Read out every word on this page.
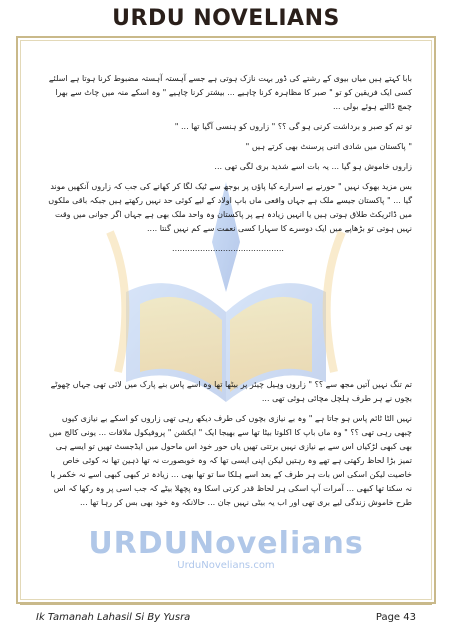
URDU NOVELIANS
URDUNovelians
UrduNovelians.com

بابا کہتے ہیں میاں بیوی کے رشتے کی ڈور بہت نازک ہوتی ہے جسے آہستہ آہستہ مضبوط کرنا ہوتا ہے اسلئے کسی ایک فریقین کو تو " صبر کا مظاہرہ کرنا چاہیے ... بیشتر کرنا چاہیے " وہ اسکے منہ میں چاٹ سے بھرا چمچ ڈالتے ہوئے بولی ...

تو تم کو صبر و برداشت کرنی ہو گی ؟؟ " زاروں کو ہنسی آگیا تھا ... "

" پاکستان میں شادی اتنی پرسنٹ بھی کرتے ہیں "

زاروں خاموش ہو گیا ... یہ بات اسے شدید بری لگی تھی ...

بس مزید بھوک نہیں " حورنے بے اسرارے کیا پاؤں پر بوجھ سے ٹیک لگا کر کھانے کی جب کہ زاروں آنکھیں موند گیا ... " پاکستان جیسے ملک ہے جہاں واقعی ماں باپ اولاد کے لیے کوئی حد نہیں رکھتے ہیں جبکہ باقی ملکوں میں ڈائریکٹ طلاق ہوتی ہیں یا انہیں زیادہ ہے پر پاکستان وہ واحد ملک بھی ہے جہاں اگر جوانی میں وقت نہیں ہوتی تو بڑھاپے میں ایک دوسرے کا سہارا کسی نعمت سے کم نہیں گنتا ....

............................................

تم تنگ نہیں آتیں مجھ سے ؟؟ " زاروں وہیل چیئر پر بیٹھا تھا وہ اسے پاس بنے پارک میں لائی تھی جہاں چھوٹے بچوں نے ہر طرف ہلچل مچائی ہوئی تھی ...

نہیں الٹا ٹائم پاس ہو جاتا ہے " وہ بے نیازی بچوں کی طرف دیکھ رہی تھی زاروں کو اسکے بے نیازی کیوں چبھی رہی تھی ؟؟ " وہ ماں باپ کا اکلوتا بیٹا تھا سے بھیجا ایک " ایکشن " پروفیکول ملاقات ... یونی کالج میں بھی کبھی لڑکیاں اس سے بے نیازی نہیں برتتی تھیں یاں حور خود اس ماحول میں ایڈجسٹ تھیں تو ایسے ہی تمیز بڑا لحاظ رکھتی ہے تھے وہ رہتیں لیکن اپنی ایسی تھا کہ وہ خوبصورت نہ تھا ذہین تھا نہ کوئی خاص خاصیت لیکن اسکی اس بات ہر طرف کے بعد اسے ہلکا سا تو تھا بھی ... زیادہ تر کبھی کبھی اسے نہ خکمر یا نہ سکتا تھا کبھی ... آمرات آپ اسکی ہر لحاظ قدر کرتی اسکا وہ پچھلا بیٹے کہ جب اسی پر وہ رکھا کہ اس طرح خاموش زندگی لیے بری تھی اور اب یہ بیٹی نہیں جان ... حالانکہ وہ خود بھی بس کر رہا تھا ...

Ik Tamanah Lahasil Si By Yusra	Page 43
